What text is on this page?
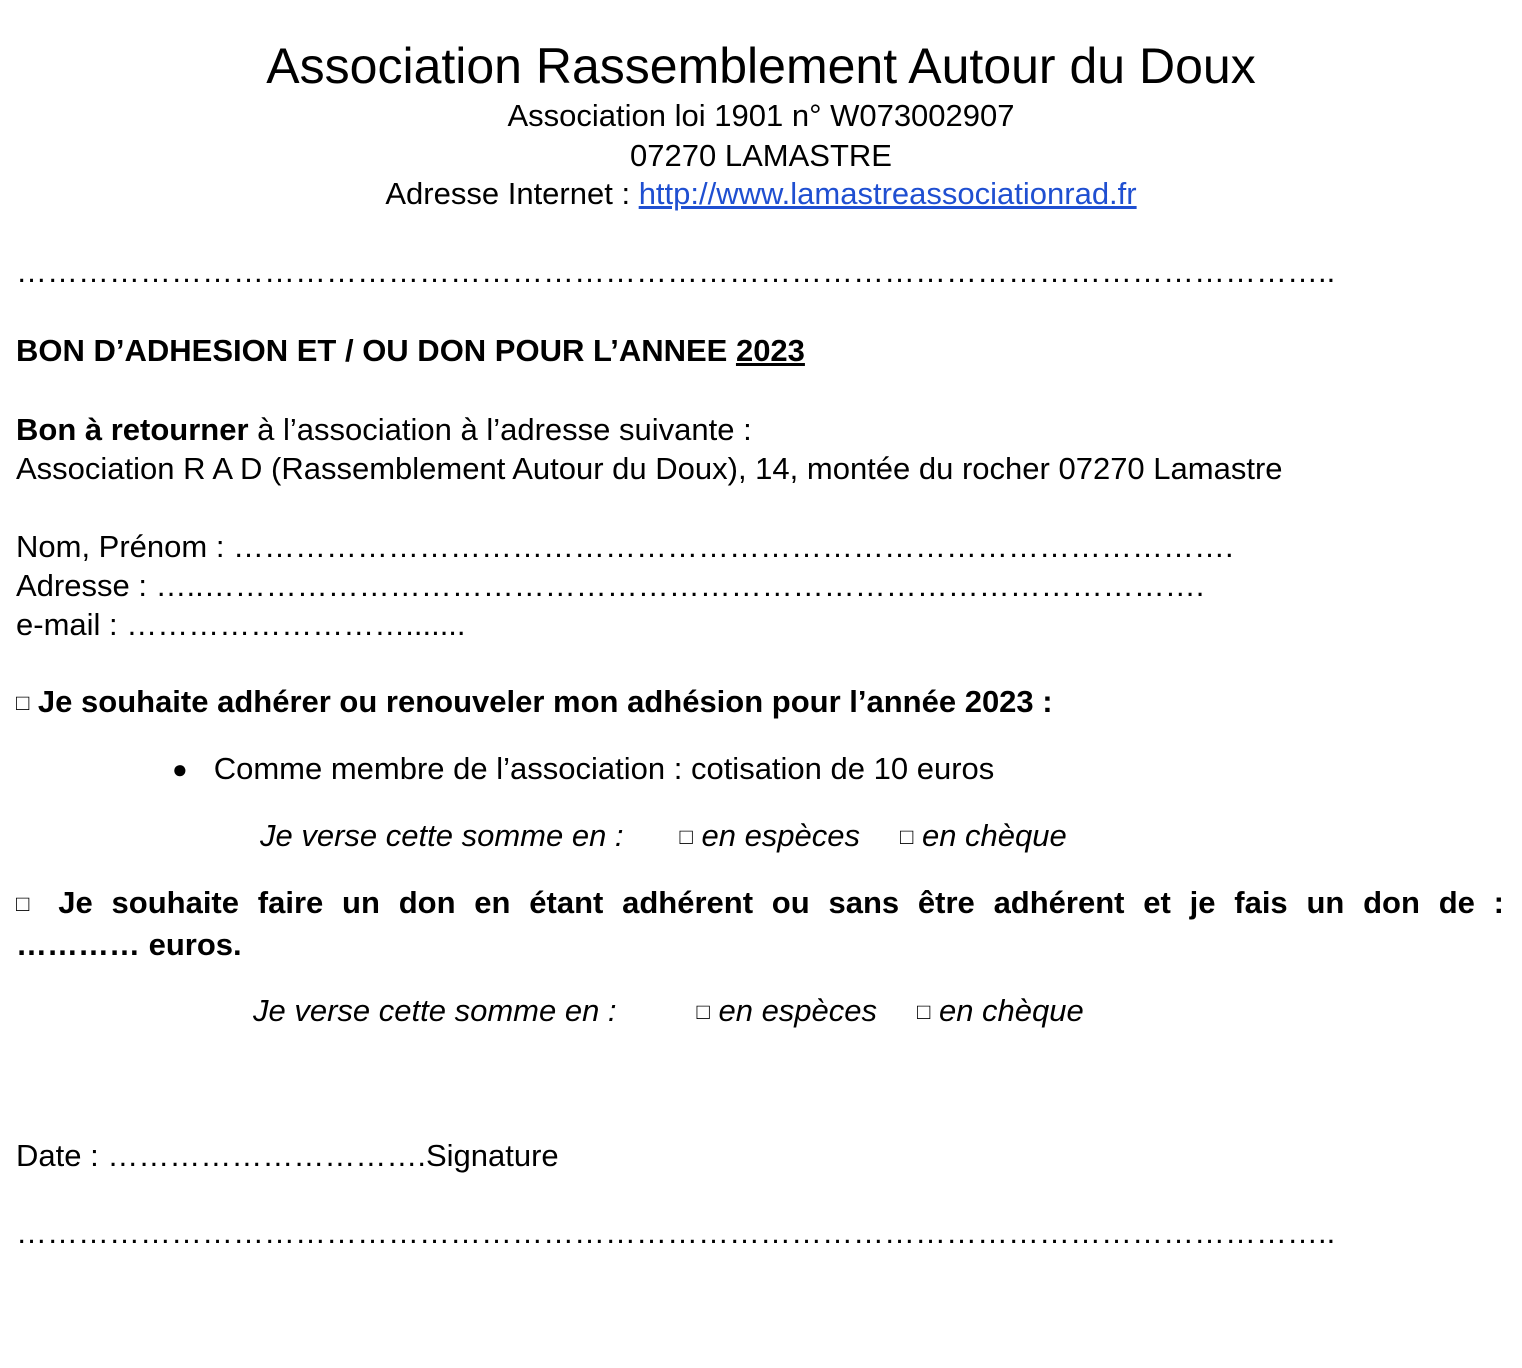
Association Rassemblement Autour du Doux
Association loi 1901 n° W073002907
07270 LAMASTRE
Adresse Internet : http://www.lamastreassociationrad.fr
………………………………………………………………………………………………………………..
BON D’ADHESION ET / OU DON POUR L’ANNEE 2023
Bon à retourner à l’association à l’adresse suivante :
Association R A D (Rassemblement Autour du Doux), 14, montée du rocher 07270 Lamastre
Nom, Prénom : …………………………………………………………………………………….
Adresse : …..…………………………………………………………………………………….
e-mail : ……………………….......
□ Je souhaite adhérer ou renouveler mon adhésion pour l’année 2023 :
● Comme membre de l’association : cotisation de 10 euros
Je verse cette somme en :	□ en espèces □ en chèque
□ Je souhaite faire un don en étant adhérent ou sans être adhérent et je fais un don de :
………… euros.
Je verse cette somme en :	□ en espèces □ en chèque
Date : ………………………….Signature
………………………………………………………………………………………………………………..
